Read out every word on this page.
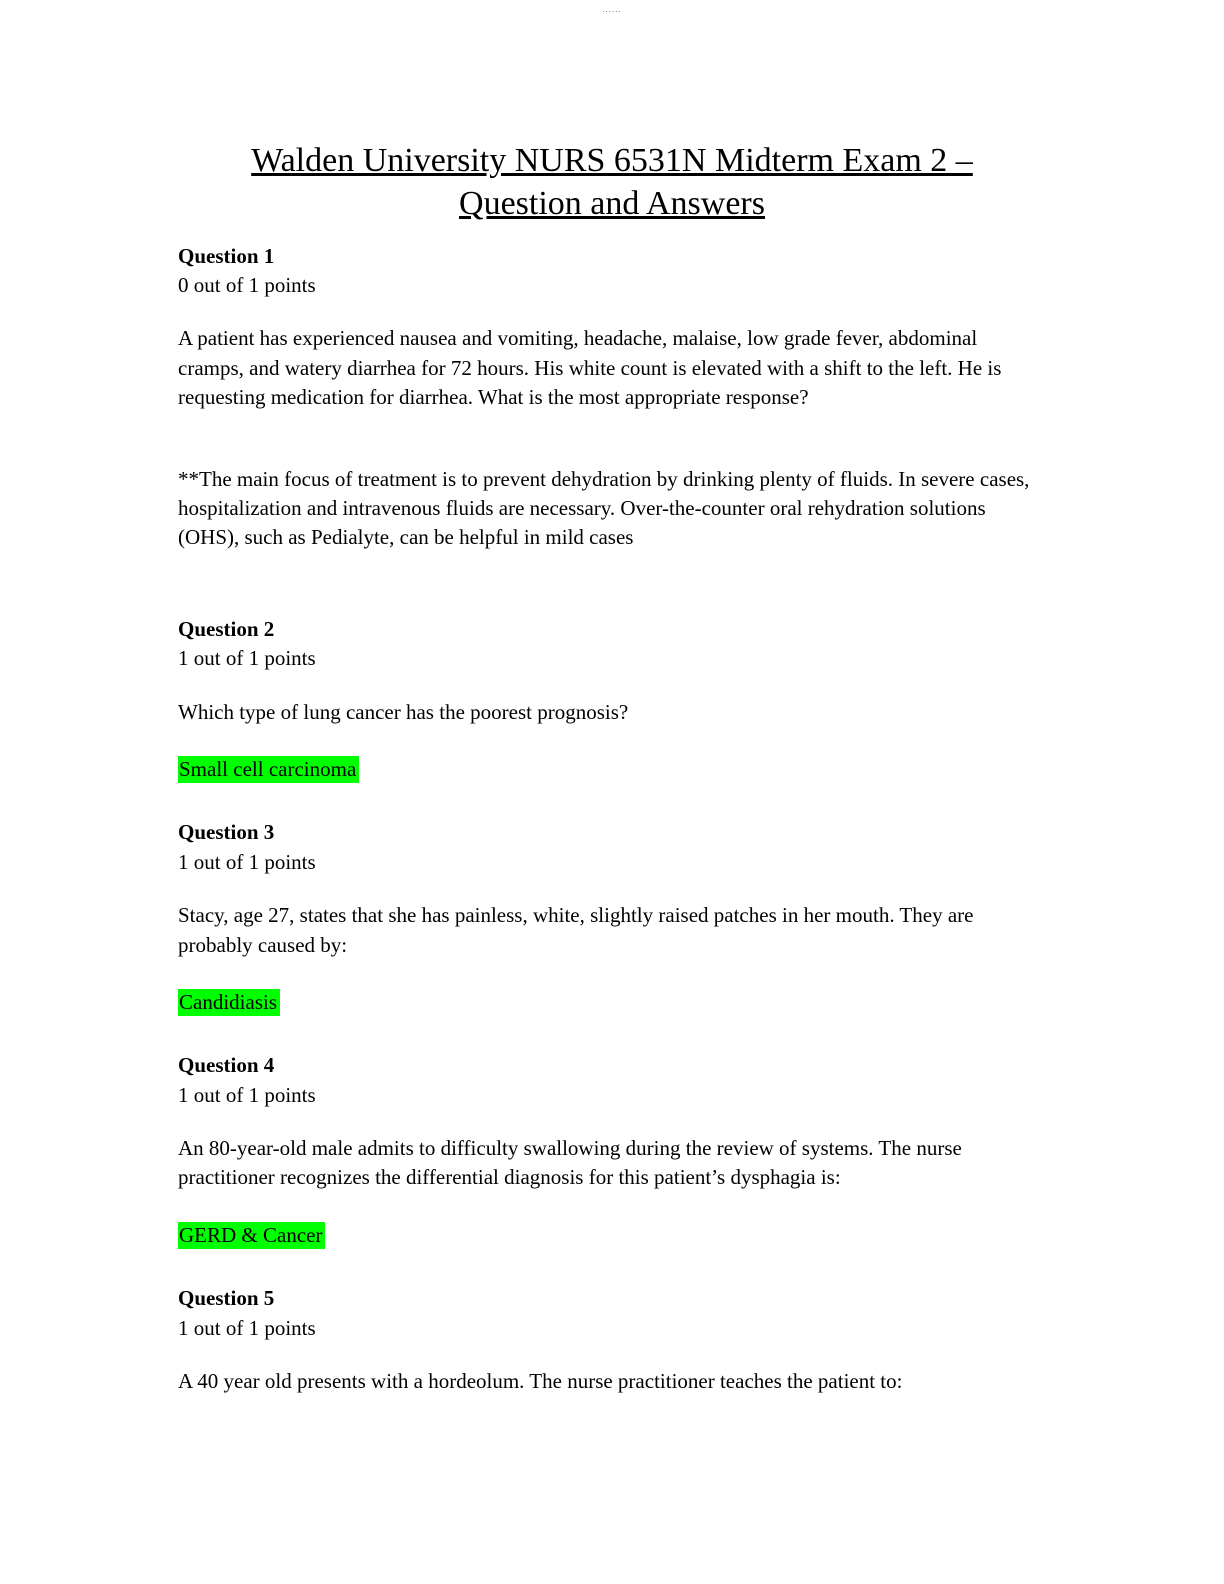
......
Walden University NURS 6531N Midterm Exam 2 –
Question and Answers

Question 1

0 out of 1 points

A patient has experienced nausea and vomiting, headache, malaise, low grade fever, abdominal cramps, and watery diarrhea for 72 hours. His white count is elevated with a shift to the left. He is requesting medication for diarrhea. What is the most appropriate response?

**The main focus of treatment is to prevent dehydration by drinking plenty of fluids. In severe cases, hospitalization and intravenous fluids are necessary. Over-the-counter oral rehydration solutions (OHS), such as Pedialyte, can be helpful in mild cases

Question 2

1 out of 1 points

Which type of lung cancer has the poorest prognosis?

Small cell carcinoma

Question 3

1 out of 1 points

Stacy, age 27, states that she has painless, white, slightly raised patches in her mouth. They are probably caused by:

Candidiasis

Question 4

1 out of 1 points

An 80-year-old male admits to difficulty swallowing during the review of systems. The nurse practitioner recognizes the differential diagnosis for this patient’s dysphagia is:

GERD & Cancer

Question 5

1 out of 1 points

A 40 year old presents with a hordeolum. The nurse practitioner teaches the patient to:
